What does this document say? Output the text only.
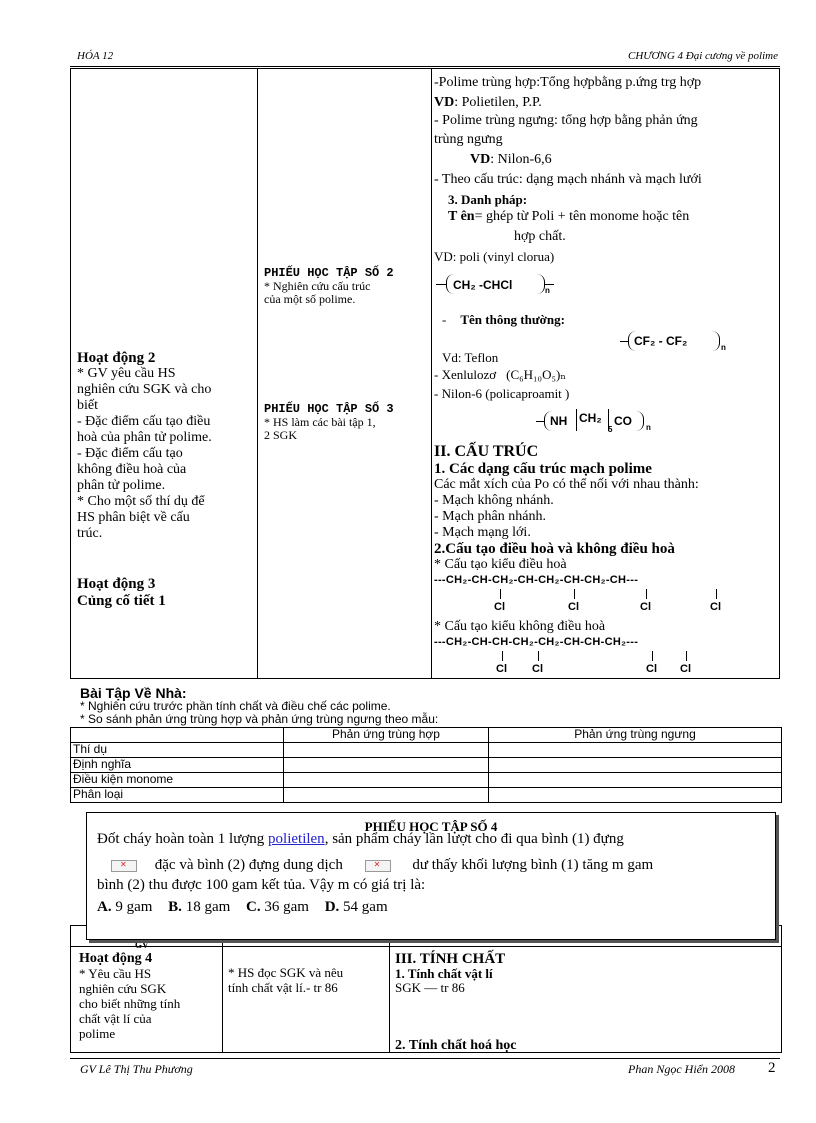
HÓA 12	CHƯƠNG 4 Đại cương về polime
Hoạt động 2
* GV yêu cầu HS
nghiên cứu SGK và cho
biết
- Đặc điểm cấu tạo điều
hoà của phân tử polime.
- Đặc điểm cấu tạo
không điều hoà của
phân tử polime.
* Cho một số thí dụ để
HS phân biệt về cấu
trúc.
Hoạt động 3
Củng cố tiết 1
PHIẾU HỌC TẬP SỐ 2
* Nghiên cứu cấu trúc
của một số polime.
PHIẾU HỌC TẬP SỐ 3
* HS làm các bài tập 1,
2 SGK
-Polime trùng hợp:Tổng hợpbằng p.ứng trg hợp
VD: Polietilen, P.P.
- Polime trùng ngưng: tổng hợp bằng phản ứng
trùng ngưng
VD: Nilon-6,6
- Theo cấu trúc: dạng mạch nhánh và mạch lưới
3. Danh pháp:
T ên= ghép từ Poli + tên monome hoặc tên
hợp chất.
VD: poli (vinyl clorua)
CH₂ -CHCl	n
- Tên thông thường:
CF₂ - CF₂	n
Vd: Teflon
- Xenlulozơ (C₆H₁₀O₅)ₙ
- Nilon-6 (policaproamit )
NH CH₂
5
CO n
II. CẤU TRÚC
1. Các dạng cấu trúc mạch polime
Các mắt xích của Po có thể nối với nhau thành:
- Mạch không nhánh.
- Mạch phân nhánh.
- Mạch mạng lới.
2.Cấu tạo điều hoà và không điều hoà
* Cấu tạo kiểu điều hoà
---CH₂-CH-CH₂-CH-CH₂-CH-CH₂-CH---
Cl	Cl	Cl	Cl
* Cấu tạo kiểu không điều hoà
---CH₂-CH-CH-CH₂-CH₂-CH-CH-CH₂---
Cl Cl	Cl Cl
Bài Tập Về Nhà:
* Nghiên cứu trước phần tính chất và điều chế các polime.
* So sánh phản ứng trùng hợp và phản ứng trùng ngưng theo mẫu:
	Phản ứng trùng hợp	Phản ứng trùng ngưng
Thí dụ		
Định nghĩa		
Điều kiện monome		
Phân loại		
GV
Hoạt động 4
* Yêu cầu HS
nghiên cứu SGK
cho biết những tính
chất vật lí của
polime
* HS đọc SGK và nêu
tính chất vật lí.- tr 86
III. TÍNH CHẤT
1. Tính chất vật lí
SGK — tr 86
2. Tính chất hoá học
PHIẾU HỌC TẬP SỐ 4
Đốt cháy hoàn toàn 1 lượng polietilen, sản phẩm cháy lần lượt cho đi qua bình (1) đựng
✕ đặc và bình (2) đựng dung dịch ✕	dư thấy khối lượng bình (1) tăng m gam
bình (2) thu được 100 gam kết tủa. Vậy m có giá trị là:
A. 9 gam B. 18 gam C. 36 gam D. 54 gam
GV Lê Thị Thu Phương	Phan Ngọc Hiển 2008 2
